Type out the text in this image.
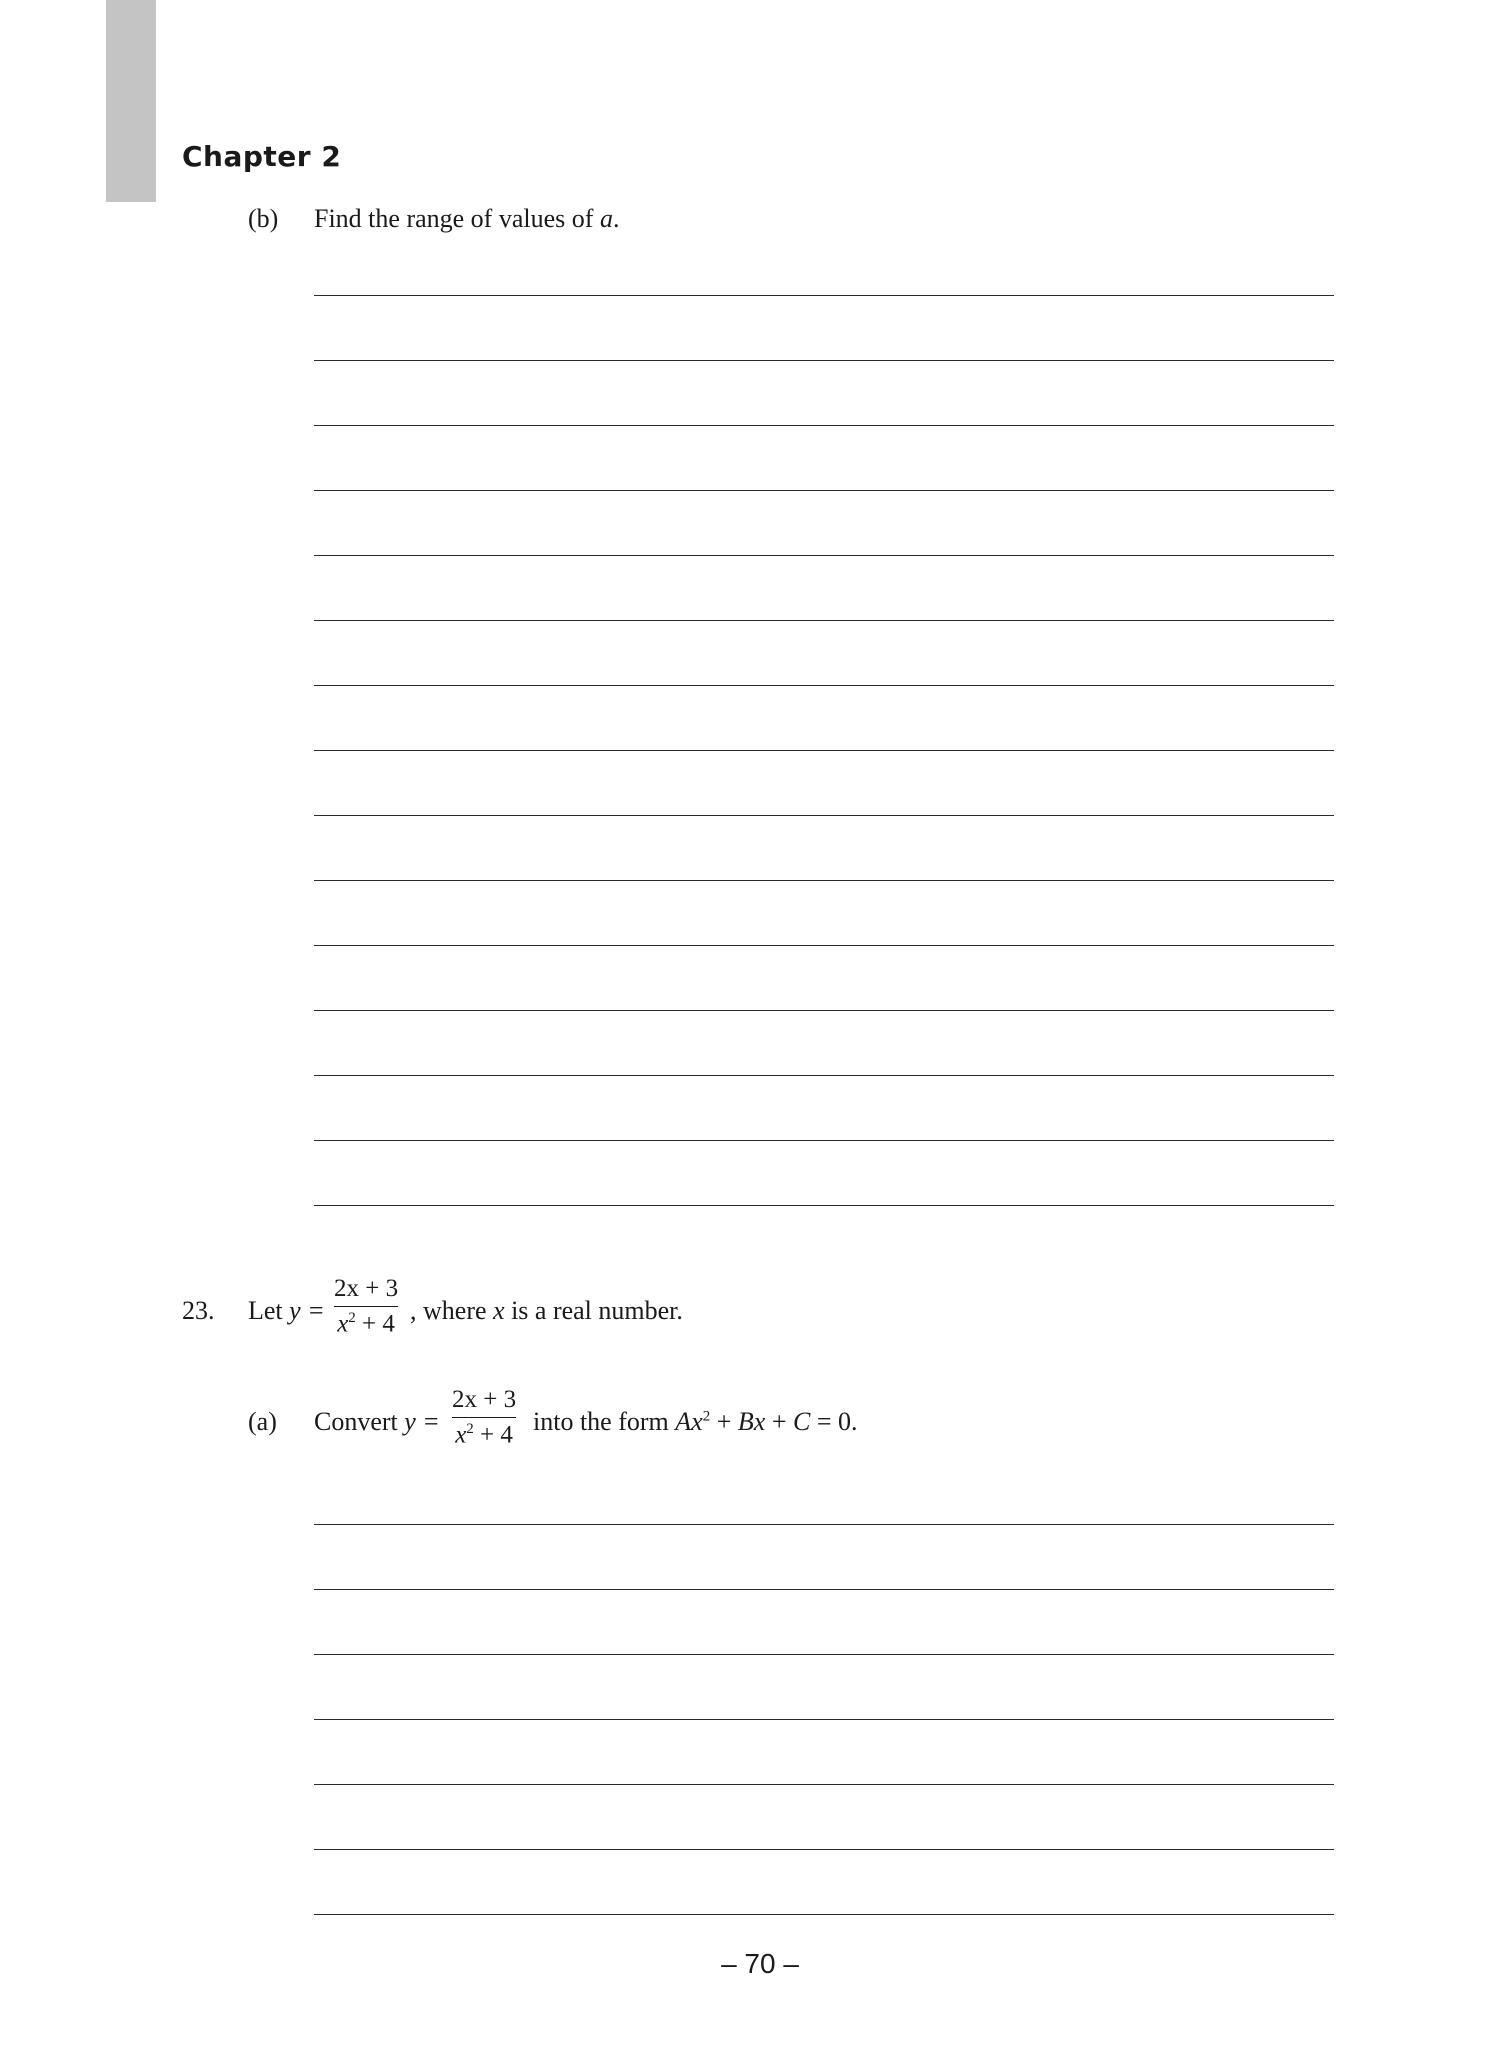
Chapter 2
(b) Find the range of values of a.
23. Let y =
2x + 3
$x^2 + 4$ , where x is a real number.
(a) Convert y =
2x + 3
$x^2 + 4$ into the form $Ax^2 + Bx + C = 0$.
– 70 –
